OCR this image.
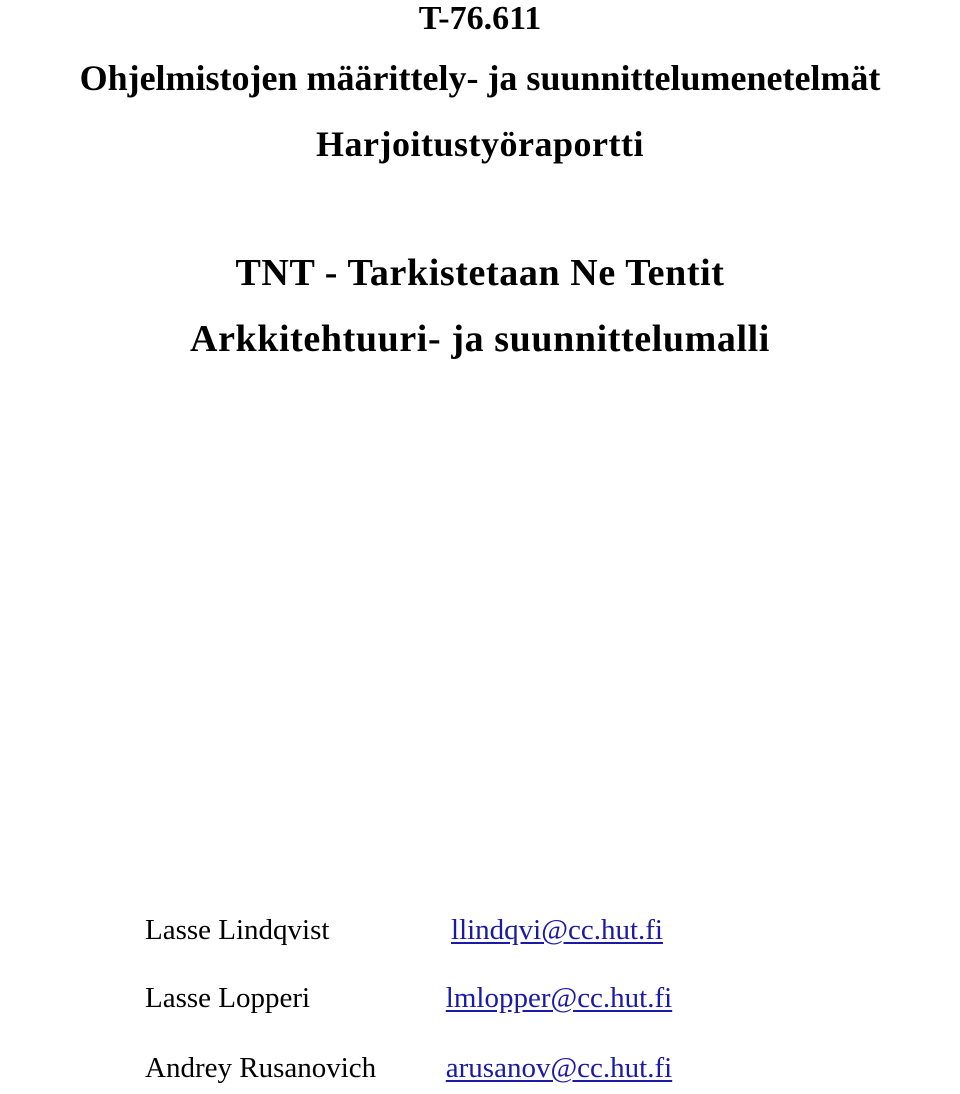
T-76.611
Ohjelmistojen määrittely- ja suunnittelumenetelmät
Harjoitustyöraportti
TNT - Tarkistetaan Ne Tentit
Arkkitehtuuri- ja suunnittelumalli
Lasse Lindqvist	llindqvi@cc.hut.fi
Lasse Lopperi	lmlopper@cc.hut.fi
Andrey Rusanovich	arusanov@cc.hut.fi
